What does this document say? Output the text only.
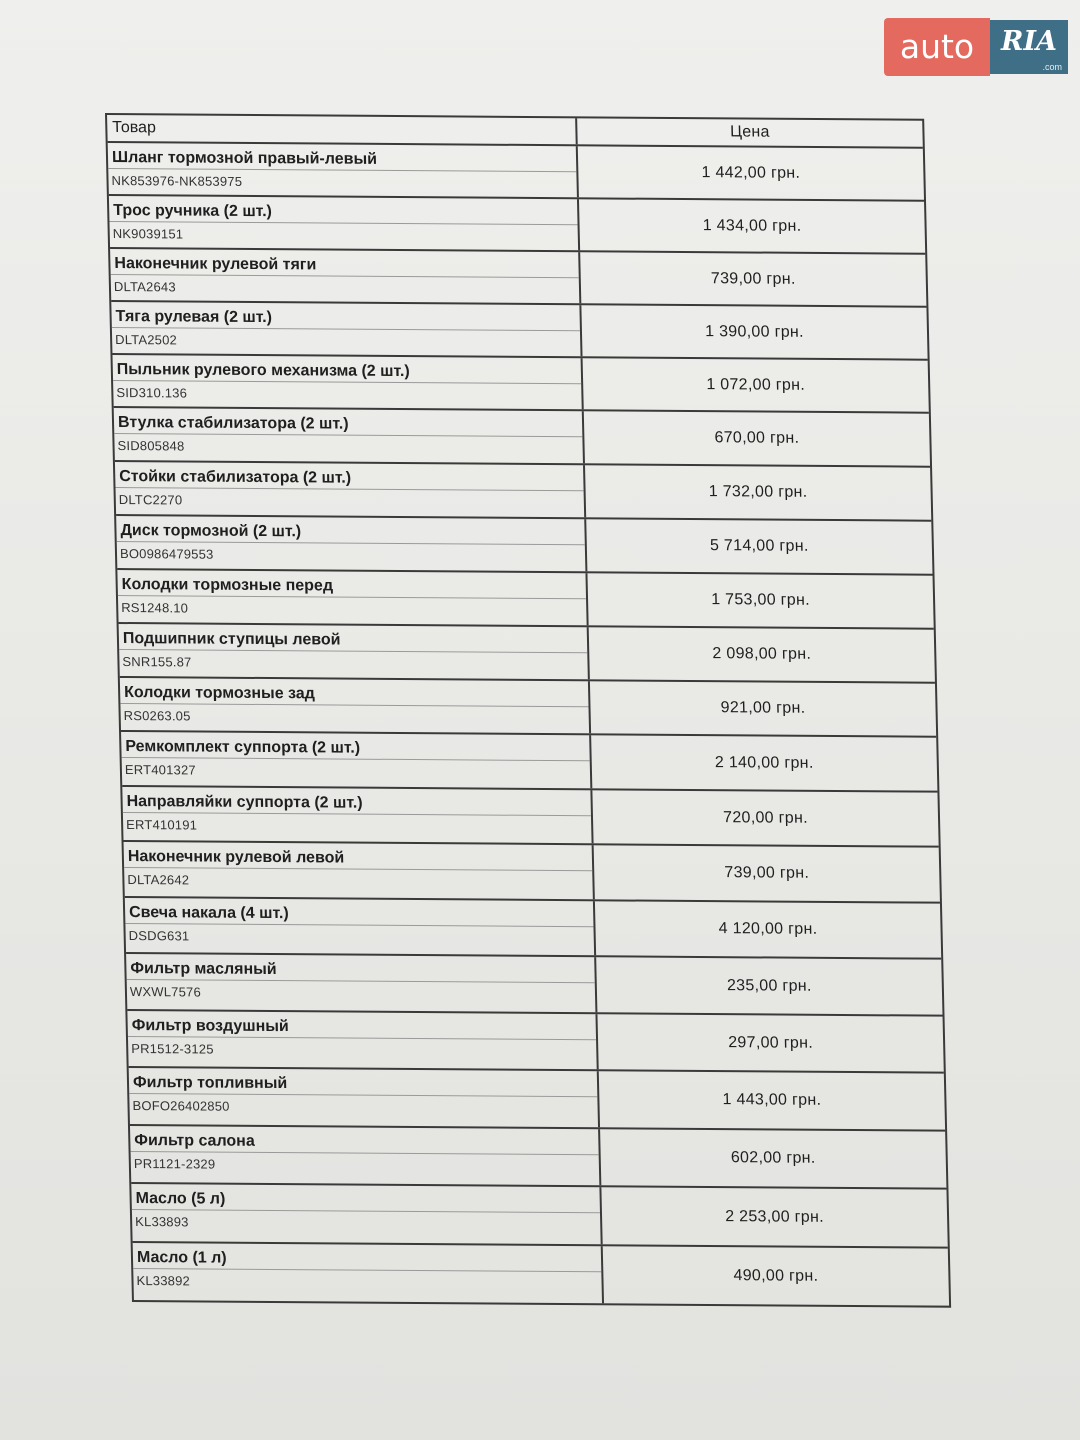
auto RIA
.com
Товар	Цена
Шланг тормозной правый-левый
NK853976-NK853975	1 442,00 грн.
Трос ручника (2 шт.)
NK9039151	1 434,00 грн.
Наконечник рулевой тяги
DLTA2643	739,00 грн.
Тяга рулевая (2 шт.)
DLTA2502	1 390,00 грн.
Пыльник рулевого механизма (2 шт.)
SID310.136	1 072,00 грн.
Втулка стабилизатора (2 шт.)
SID805848	670,00 грн.
Стойки стабилизатора (2 шт.)
DLTC2270	1 732,00 грн.
Диск тормозной (2 шт.)
BO0986479553	5 714,00 грн.
Колодки тормозные перед
RS1248.10	1 753,00 грн.
Подшипник ступицы левой
SNR155.87	2 098,00 грн.
Колодки тормозные зад
RS0263.05	921,00 грн.
Ремкомплект суппорта (2 шт.)
ERT401327	2 140,00 грн.
Направляйки суппорта (2 шт.)
ERT410191	720,00 грн.
Наконечник рулевой левой
DLTA2642	739,00 грн.
Свеча накала (4 шт.)
DSDG631	4 120,00 грн.
Фильтр масляный
WXWL7576	235,00 грн.
Фильтр воздушный
PR1512-3125	297,00 грн.
Фильтр топливный
BOFO26402850	1 443,00 грн.
Фильтр салона
PR1121-2329	602,00 грн.
Масло (5 л)
KL33893	2 253,00 грн.
Масло (1 л)
KL33892	490,00 грн.
